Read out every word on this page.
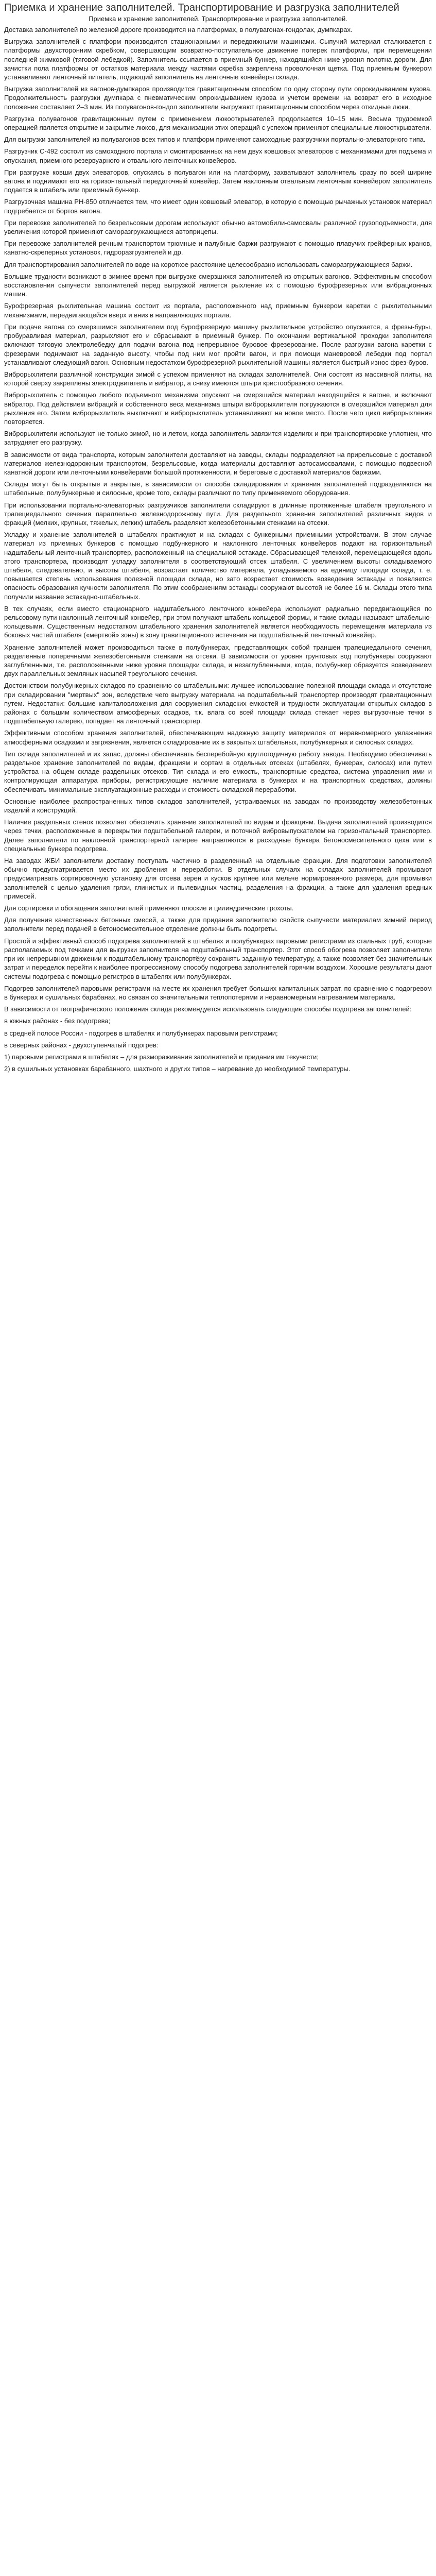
Приемка и хранение заполнителей. Транспортирование и разгрузка заполнителей
Приемка и хранение заполнителей. Транспортирование и разгрузка заполнителей.

Доставка заполнителей по железной дороге производится на платформах, в полувагонах-гондолах, думпкарах.

Выгрузка заполнителей с платформ производится стационарными и передвижными машинами. Сыпучий материал сталкивается с платформы двухсторонним скребком, совершающим возвратно-поступательное движение поперек платформы, при перемещении последней жимковой (тяговой лебедкой). Заполнитель ссыпается в приемный бункер, находящийся ниже уровня полотна дороги. Для зачистки пола платформы от остатков материала между частями скребка закреплена проволочная щетка. Под приемным бункером устанавливают ленточный питатель, подающий заполнитель на ленточные конвейеры склада.

Выгрузка заполнителей из вагонов-думпкаров производится гравитационным способом по одну сторону пути опрокидыванием кузова. Продолжительность разгрузки думпкара с пневматическим опрокидыванием кузова и учетом времени на возврат его в исходное положение составляет 2–3 мин. Из полувагонов-гондол заполнители выгружают гравитационным способом через откидные люки.

Разгрузка полувагонов гравитационным путем с применением люкооткрывателей продолжается 10–15 мин. Весьма трудоемкой операцией является открытие и закрытие люков, для механизации этих операций с успехом применяют специальные люкооткрыватели.

Для выгрузки заполнителей из полувагонов всех типов и платформ применяют самоходные разгрузчики портально-элеваторного типа.

Разгрузчик С-492 состоит из самоходного портала и смонтированных на нем двух ковшовых элеваторов с механизмами для подъема и опускания, приемного резервуарного и отвального ленточных конвейеров.

При разгрузке ковши двух элеваторов, опускаясь в полувагон или на платформу, захватывают заполнитель сразу по всей ширине вагона и поднимают его на горизонтальный передаточный конвейер. Затем наклонным отвальным ленточным конвейером заполнитель подается в штабель или приемный бун-кер.

Разгрузочная машина РН-850 отличается тем, что имеет один ковшовый элеватор, в которую с помощью рычажных установок материал подгребается от бортов вагона.

При перевозке заполнителей по безрельсовым дорогам используют обычно автомобили-самосвалы различной грузоподъемности, для увеличения которой применяют саморазгружающиеся автоприцепы.

При перевозке заполнителей речным транспортом трюмные и палубные баржи разгружают с помощью плавучих грейферных кранов, канатно-скреперных установок, гидроразгрузителей и др.

Для транспортирования заполнителей по воде на короткое расстояние целесообразно использовать саморазгружающиеся баржи.

Большие трудности возникают в зимнее время при выгрузке смерзшихся заполнителей из открытых вагонов. Эффективным способом восстановления сыпучести заполнителей перед выгрузкой является рыхление их с помощью бурофрезерных или вибрационных машин.

Бурофрезерная рыхлительная машина состоит из портала, расположенного над приемным бункером каретки с рыхлительными механизмами, передвигающейся вверх и вниз в направляющих портала.

При подаче вагона со смерзшимся заполнителем под бурофрезерную машину рыхлительное устройство опускается, а фрезы-буры, пробуравливая материал, разрыхляют его и сбрасывают в приемный бункер. По окончании вертикальной проходки заполнителя включают тяговую электролебедку для подачи вагона под непрерывное буровое фрезерование. После разгрузки вагона каретки с фрезерами поднимают на заданную высоту, чтобы под ним мог пройти вагон, и при помощи маневровой лебедки под портал устанавливают следующий вагон. Основным недостатком бурофрезерной рыхлительной машины является быстрый износ фрез-буров.

Виброрыхлители различной конструкции зимой с успехом применяют на складах заполнителей. Они состоят из массивной плиты, на которой сверху закреплены электродвигатель и вибратор, а снизу имеются штыри кристообразного сечения.

Виброрыхлитель с помощью любого подъемного механизма опускают на смерзшийся материал находящийся в вагоне, и включают вибратор. Под действием вибраций и собственного веса механизма штыри виброрыхлителя погружаются в смерзшийся материал для рыхления его. Затем виброрыхлитель выключают и виброрыхлитель устанавливают на новое место. После чего цикл виброрыхления повторяется.

Виброрыхлители используют не только зимой, но и летом, когда заполнитель завязится изделиях и при транспортировке уплотнен, что затрудняет его разгрузку.

В зависимости от вида транспорта, которым заполнители доставляют на заводы, склады подразделяют на прирельсовые с доставкой материалов железнодорожным транспортом, безрельсовые, когда материалы доставляют автосамосвалами, с помощью подвесной канатной дороги или ленточными конвейерами большой протяженности, и береговые с доставкой материалов баржами.

Склады могут быть открытые и закрытые, в зависимости от способа складирования и хранения заполнителей подразделяются на штабельные, полубункерные и силосные, кроме того, склады различают по типу применяемого оборудования.

При использовании портально-элеваторных разгрузчиков заполнители складируют в длинные протяженные штабеля треугольного и трапециедального сечения параллельно железнодорожному пути. Для раздельного хранения заполнителей различных видов и фракций (мелких, крупных, тяжелых, легких) штабель разделяют железобетонными стенками на отсеки.

Укладку и хранение заполнителей в штабелях практикуют и на складах с бункерными приемными устройствами. В этом случае материал из приемных бункеров с помощью подбункерного и наклонного ленточных конвейеров подают на горизонтальный надштабельный ленточный транспортер, расположенный на специальной эстакаде. Сбрасывающей тележкой, перемещающейся вдоль этого транспортера, производят укладку заполнителя в соответствующий отсек штабеля. С увеличением высоты складываемого штабеля, следовательно, и высоты штабеля, возрастает количество материала, укладываемого на единицу площади склада, т. е. повышается степень использования полезной площади склада, но зато возрастает стоимость возведения эстакады и появляется опасность образования кучности заполнителя. По этим соображениям эстакады сооружают высотой не более 16 м. Склады этого типа получили название эстакадно-штабельных.

В тех случаях, если вместо стационарного надштабельного ленточного конвейера используют радиально передвигающийся по рельсовому пути наклонный ленточный конвейер, при этом получают штабель кольцевой формы, и такие склады называют штабельно-кольцевыми. Существенным недостатком штабельного хранения заполнителей является необходимость перемещения материала из боковых частей штабеля («мертвой» зоны) в зону гравитационного истечения на подштабельный ленточный конвейер.

Хранение заполнителей может производиться также в полубункерах, представляющих собой траншеи трапециедального сечения, разделенные поперечными железобетонными стенками на отсеки. В зависимости от уровня грунтовых вод полубункеры сооружают заглубленными, т.е. расположенными ниже уровня площадки склада, и незаглубленными, когда, полубункер образуется возведением двух параллельных земляных насыпей треугольного сечения.

Достоинством полубункерных складов по сравнению со штабельными: лучшее использование полезной площади склада и отсутствие при складировании "мертвых" зон, вследствие чего выгрузку материала на подштабельный транспортер производят гравитационным путем. Недостатки: большие капиталовложения для сооружения складских емкостей и трудности эксплуатации открытых складов в районах с большим количеством атмосферных осадков, т.к. влага со всей площади склада стекает через выгрузочные течки в подштабельную галерею, попадает на ленточный транспортер.

Эффективным способом хранения заполнителей, обеспечивающим надежную защиту материалов от неравномерного увлажнения атмосферными осадками и загрязнения, является складирование их в закрытых штабельных, полубункерных и силосных складах.

Тип склада заполнителей и их запас, должны обеспечивать бесперебойную круглогодичную работу завода. Необходимо обеспечивать раздельное хранение заполнителей по видам, фракциям и сортам в отдельных отсеках (штабелях, бункерах, силосах) или путем устройства на общем складе раздельных отсеков. Тип склада и его емкость, транспортные средства, система управления ими и контролирующая аппаратура приборы, регистрирующие наличие материала в бункерах и на транспортных средствах, должны обеспечивать минимальные эксплуатационные расходы и стоимость складской переработки.

Основные наиболее распространенных типов складов заполнителей, устраиваемых на заводах по производству железобетонных изделий и конструкций.

Наличие раздельных стенок позволяет обеспечить хранение заполнителей по видам и фракциям. Выдача заполнителей производится через течки, расположенные в перекрытии подштабельной галереи, и поточной вибровыпускателем на горизонтальный транспортер. Далее заполнители по наклонной транспортерной галерее направляются в расходные бункера бетоносмесительного цеха или в специальные бункера подогрева.

На заводах ЖБИ заполнители доставку поступать частично в разделенный на отдельные фракции. Для подготовки заполнителей обычно предусматривается место их дробления и переработки. В отдельных случаях на складах заполнителей промывают предусматривать сортировочную установку для отсева зерен и кусков крупнее или мельче нормированного размера, для промывки заполнителей с целью удаления грязи, глинистых и пылевидных частиц, разделения на фракции, а также для удаления вредных примесей.

Для сортировки и обогащения заполнителей применяют плоские и цилиндрические грохоты.

Для получения качественных бетонных смесей, а также для придания заполнителю свойств сыпучести материалам зимний период заполнители перед подачей в бетоносмесительное отделение должны быть подогреты.

Простой и эффективный способ подогрева заполнителей в штабелях и полубункерах паровыми регистрами из стальных труб, которые располагаемых под течками для выгрузки заполнителя на подштабельный транспортер. Этот способ обогрева позволяет заполнители при их непрерывном движении к подштабельному транспортёру сохранять заданную температуру, а также позволяет без значительных затрат и переделок перейти к наиболее прогрессивному способу подогрева заполнителей горячим воздухом. Хорошие результаты дают системы подогрева с помощью регистров в штабелях или полубункерах.

Подогрев заполнителей паровыми регистрами на месте их хранения требует больших капитальных затрат, по сравнению с подогревом в бункерах и сушильных барабанах, но связан со значительными теплопотерями и неравномерным нагреванием материала.

В зависимости от географического положения склада рекомендуется использовать следующие способы подогрева заполнителей:

в южных районах - без подогрева;

в средней полосе России - подогрев в штабелях и полубункерах паровыми регистрами;

в северных районах - двухступенчатый подогрев:

1) паровыми регистрами в штабелях – для размораживания заполнителей и придания им текучести;

2) в сушильных установках барабанного, шахтного и других типов – нагревание до необходимой температуры.
